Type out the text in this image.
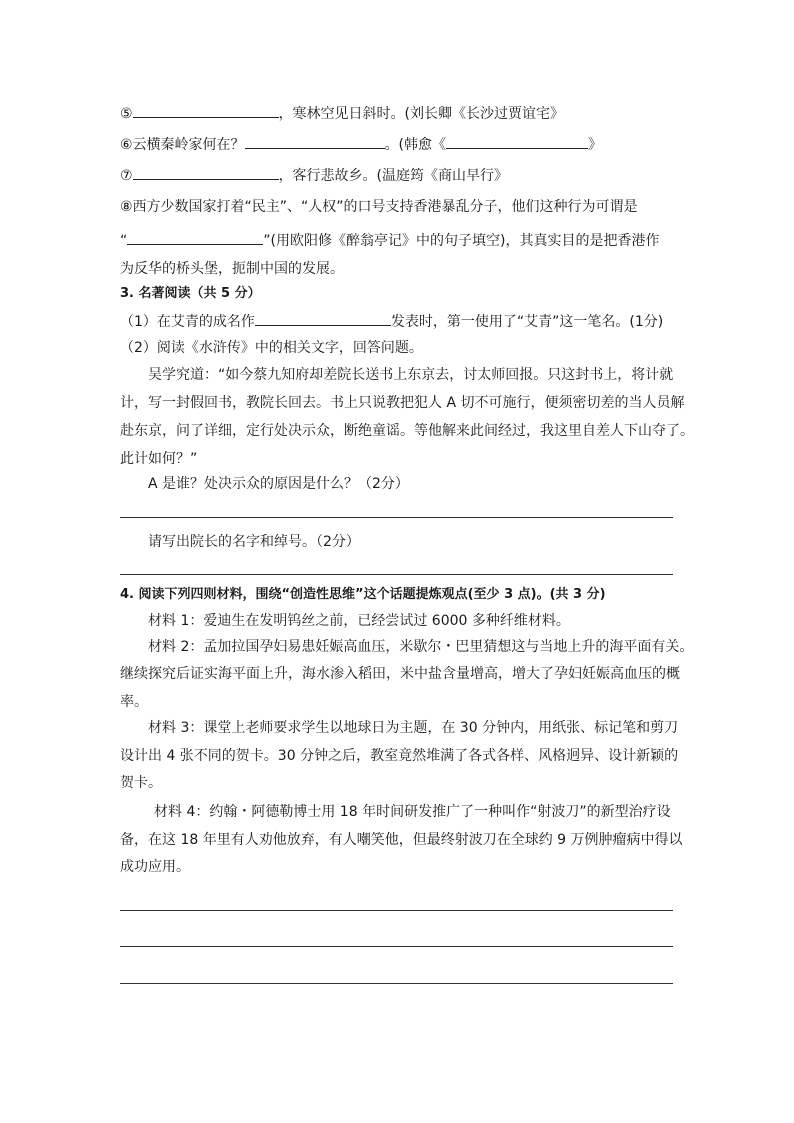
⑤	，寒林空见日斜时。(刘长卿《长沙过贾谊宅》
⑥云横秦岭家何在？	。(韩愈《	》
⑦	，客行悲故乡。(温庭筠《商山早行》
⑧西方少数国家打着“民主”、“人权”的口号支持香港暴乱分子，他们这种行为可谓是
“	”(用欧阳修《醉翁亭记》中的句子填空)，其真实目的是把香港作
为反华的桥头堡，扼制中国的发展。
3. 名著阅读（共 5 分）
（1）在艾青的成名作	发表时，第一使用了“艾青”这一笔名。(1分)
（2）阅读《水浒传》中的相关文字，回答问题。
吴学究道：“如今蔡九知府却差院长送书上东京去，讨太师回报。只这封书上，将计就
计，写一封假回书，教院长回去。书上只说教把犯人 A 切不可施行，便须密切差的当人员解
赴东京，问了详细，定行处决示众，断绝童谣。等他解来此间经过，我这里自差人下山夺了。
此计如何？”
A 是谁？处决示众的原因是什么？（2分）
请写出院长的名字和绰号。（2分）
4. 阅读下列四则材料，围绕“创造性思维”这个话题提炼观点(至少 3 点)。(共 3 分)
材料 1：爱迪生在发明钨丝之前，已经尝试过 6000 多种纤维材料。
材料 2：孟加拉国孕妇易患妊娠高血压，米歇尔・巴里猜想这与当地上升的海平面有关。
继续探究后证实海平面上升，海水渗入稻田，米中盐含量增高，增大了孕妇妊娠高血压的概
率。
材料 3：课堂上老师要求学生以地球日为主题，在 30 分钟内，用纸张、标记笔和剪刀
设计出 4 张不同的贺卡。30 分钟之后，教室竟然堆满了各式各样、风格迥异、设计新颖的
贺卡。
材料 4：约翰・阿德勒博士用 18 年时间研发推广了一种叫作“射波刀”的新型治疗设
备，在这 18 年里有人劝他放弃，有人嘲笑他，但最终射波刀在全球约 9 万例肿瘤病中得以
成功应用。
